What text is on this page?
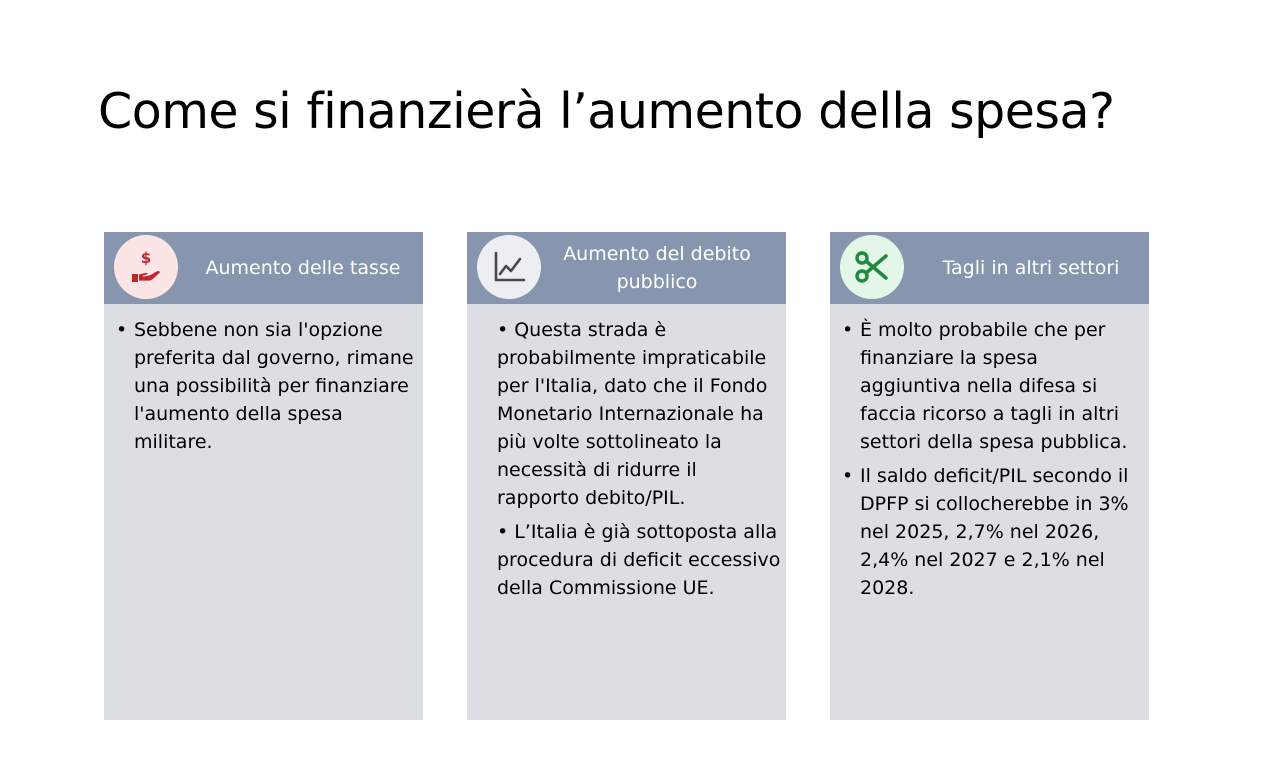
Come si finanzierà l’aumento della spesa?
$	Aumento delle tasse
• Sebbene non sia l'opzione preferita dal governo, rimane una possibilità per finanziare l'aumento della spesa militare.
Aumento del debito pubblico
• Questa strada è probabilmente impraticabile per l'Italia, dato che il Fondo Monetario Internazionale ha più volte sottolineato la necessità di ridurre il rapporto debito/PIL.
• L’Italia è già sottoposta alla procedura di deficit eccessivo della Commissione UE.
Tagli in altri settori
• È molto probabile che per finanziare la spesa aggiuntiva nella difesa si faccia ricorso a tagli in altri settori della spesa pubblica.
• Il saldo deficit/PIL secondo il DPFP si collocherebbe in 3% nel 2025, 2,7% nel 2026, 2,4% nel 2027 e 2,1% nel 2028.
